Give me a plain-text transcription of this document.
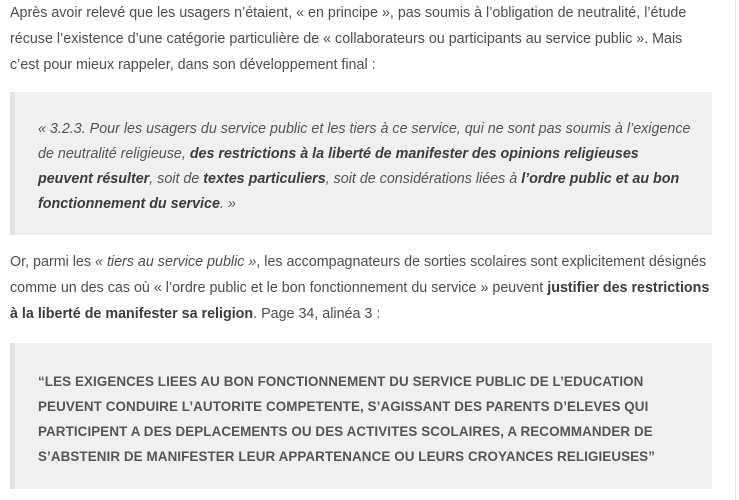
Après avoir relevé que les usagers n’étaient, « en principe », pas soumis à l’obligation de neutralité, l’étude récuse l’existence d’une catégorie particulière de « collaborateurs ou participants au service public ». Mais c’est pour mieux rappeler, dans son développement final :

« 3.2.3. Pour les usagers du service public et les tiers à ce service, qui ne sont pas soumis à l’exigence de neutralité religieuse, des restrictions à la liberté de manifester des opinions religieuses peuvent résulter, soit de textes particuliers, soit de considérations liées à l’ordre public et au bon fonctionnement du service. »

Or, parmi les « tiers au service public », les accompagnateurs de sorties scolaires sont explicitement désignés comme un des cas où « l’ordre public et le bon fonctionnement du service » peuvent justifier des restrictions à la liberté de manifester sa religion. Page 34, alinéa 3 :

“LES EXIGENCES LIEES AU BON FONCTIONNEMENT DU SERVICE PUBLIC DE L’EDUCATION PEUVENT CONDUIRE L’AUTORITE COMPETENTE, S’AGISSANT DES PARENTS D’ELEVES QUI PARTICIPENT A DES DEPLACEMENTS OU DES ACTIVITES SCOLAIRES, A RECOMMANDER DE S’ABSTENIR DE MANIFESTER LEUR APPARTENANCE OU LEURS CROYANCES RELIGIEUSES”
